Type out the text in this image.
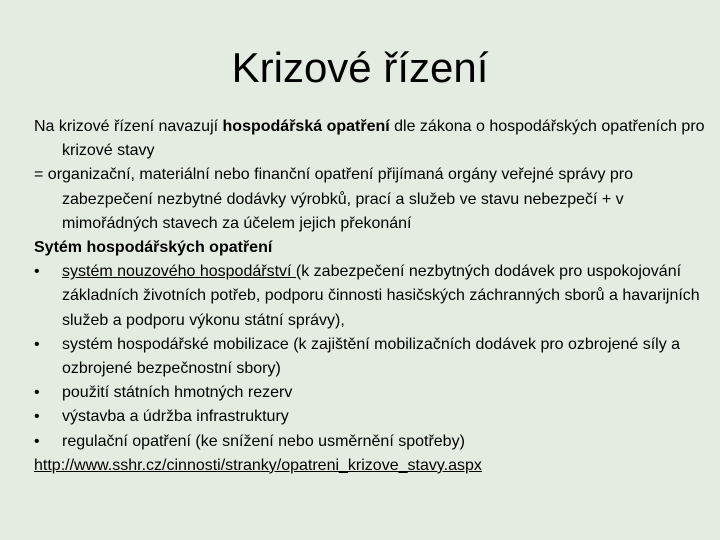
Krizové řízení
Na krizové řízení navazují hospodářská opatření dle zákona o hospodářských opatřeních pro krizové stavy
= organizační, materiální nebo finanční opatření přijímaná orgány veřejné správy pro zabezpečení nezbytné dodávky výrobků, prací a služeb ve stavu nebezpečí + v mimořádných stavech za účelem jejich překonání
Sytém hospodářských opatření
• systém nouzového hospodářství (k zabezpečení nezbytných dodávek pro uspokojování základních životních potřeb, podporu činnosti hasičských záchranných sborů a havarijních služeb a podporu výkonu státní správy),
• systém hospodářské mobilizace (k zajištění mobilizačních dodávek pro ozbrojené síly a ozbrojené bezpečnostní sbory)
• použití státních hmotných rezerv
• výstavba a údržba infrastruktury
• regulační opatření (ke snížení nebo usměrnění spotřeby)
http://www.sshr.cz/cinnosti/stranky/opatreni_krizove_stavy.aspx
